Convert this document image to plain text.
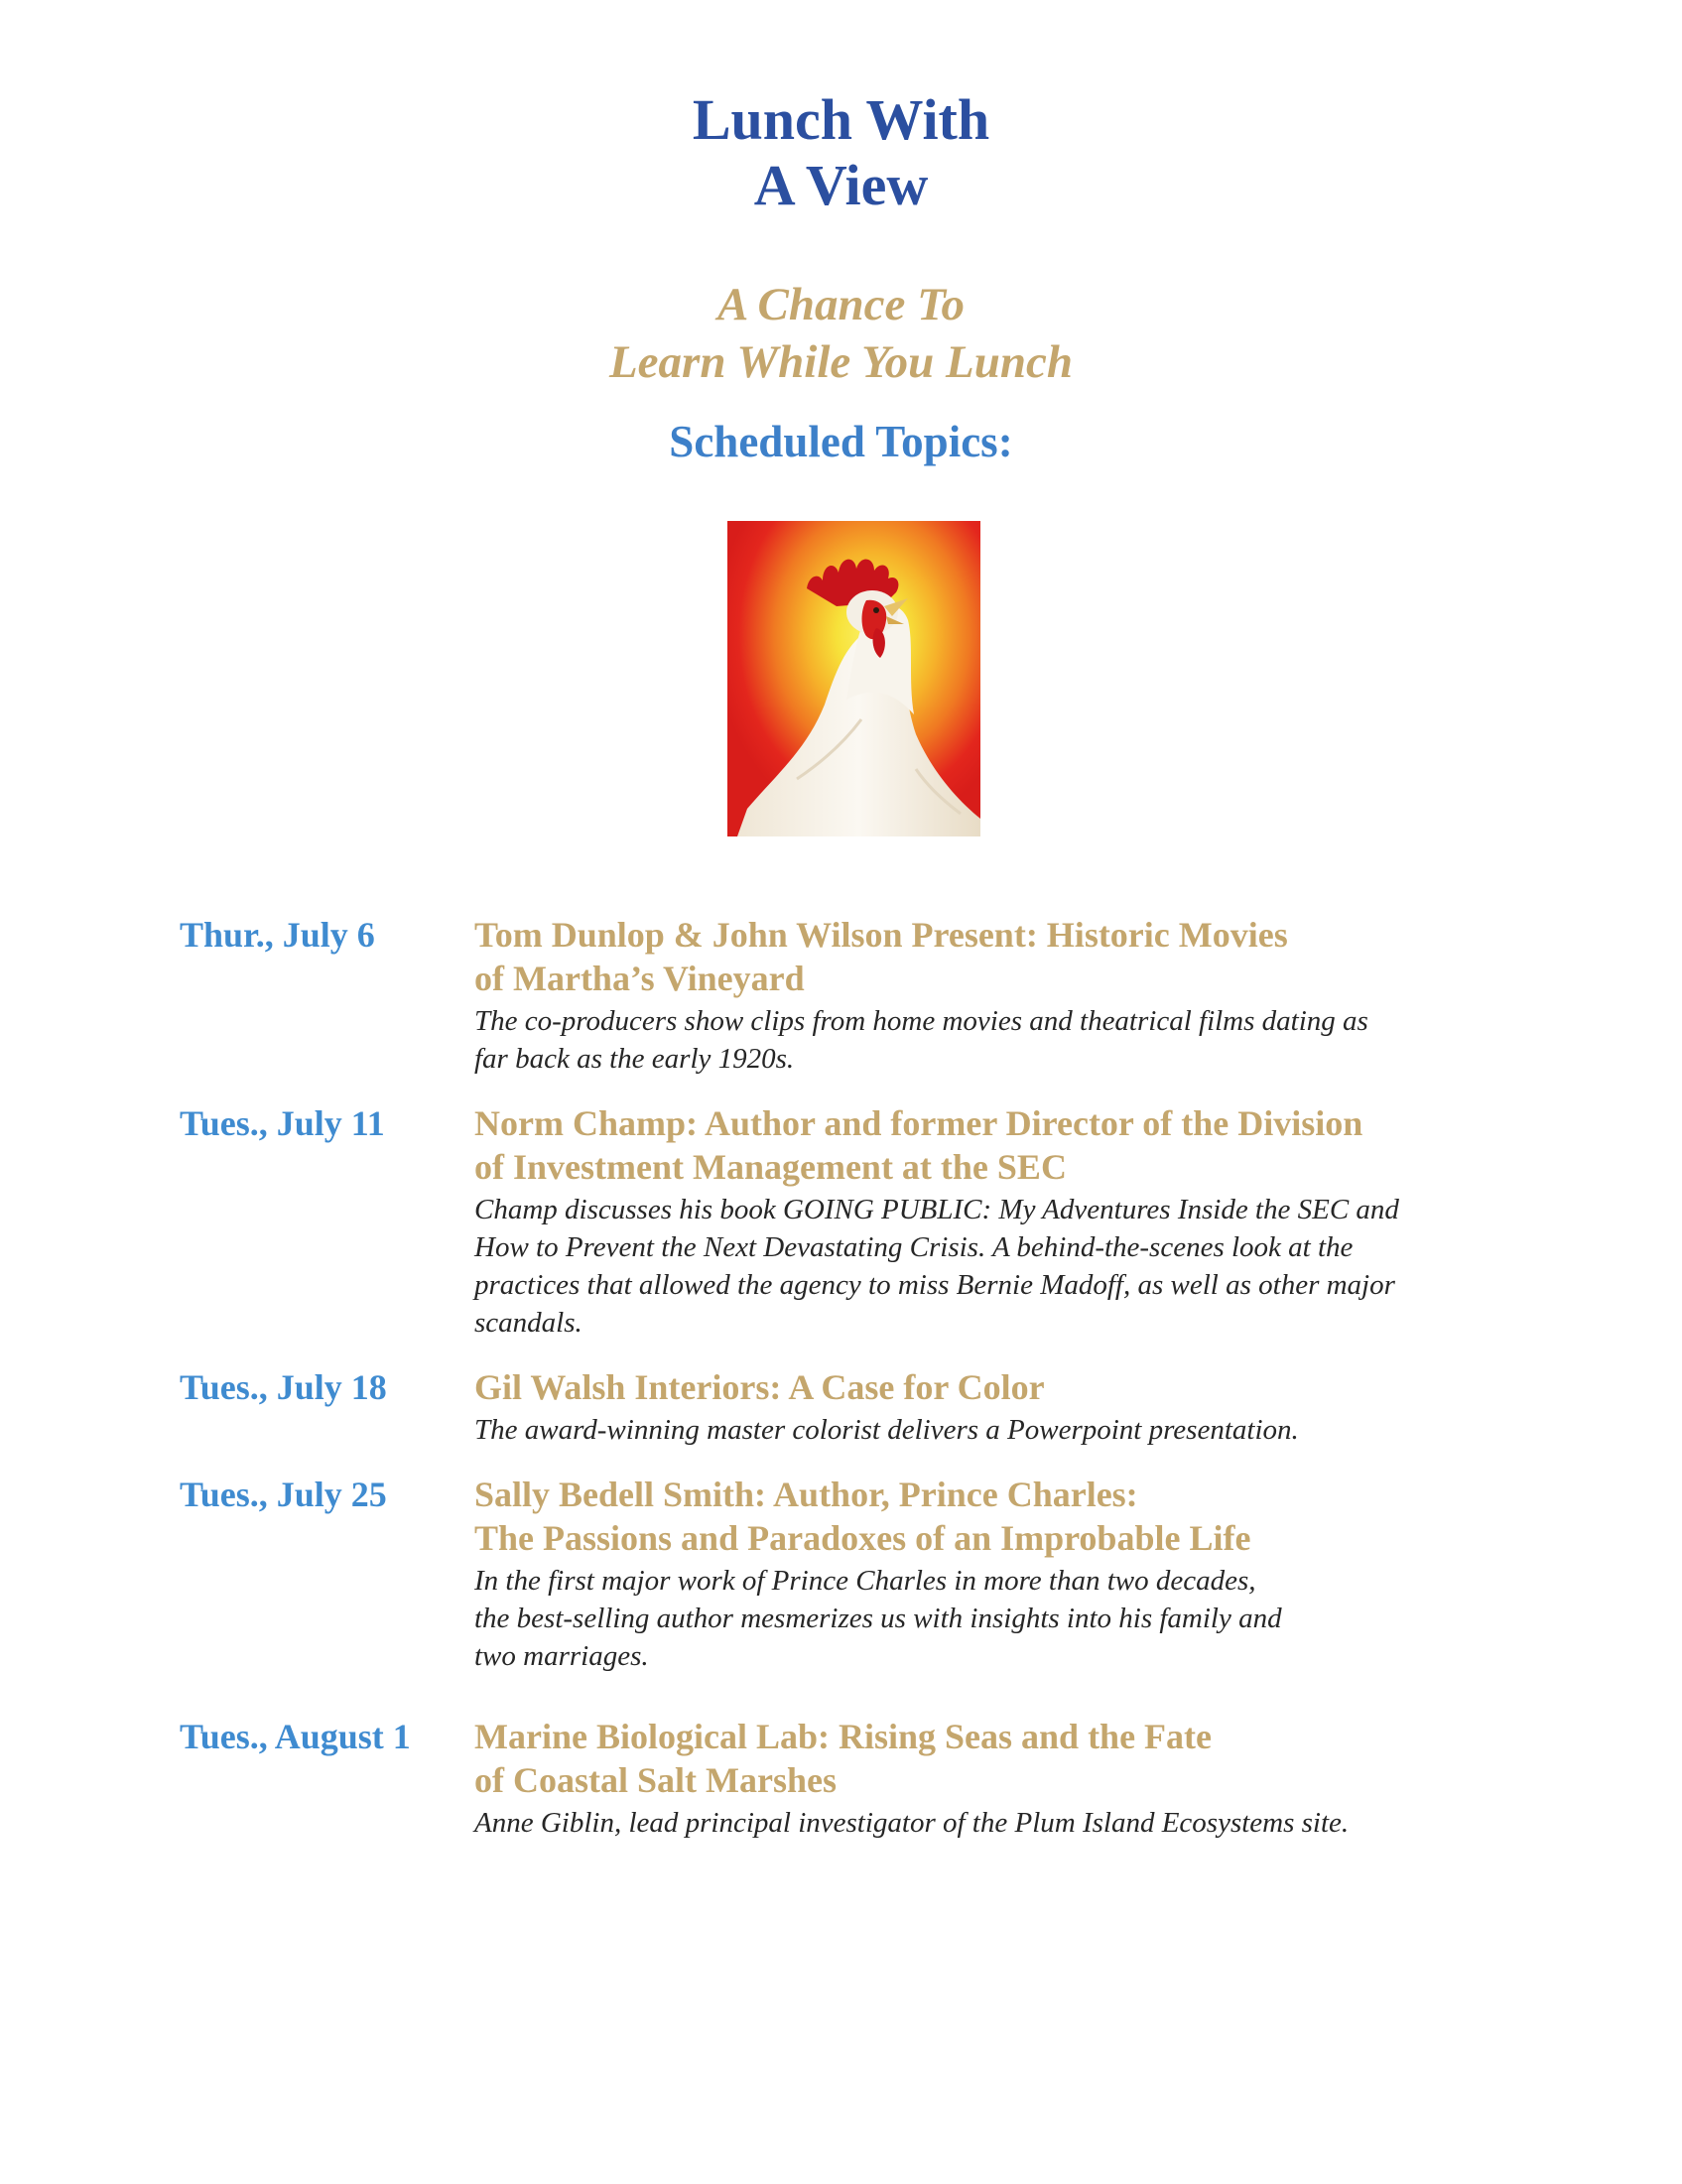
Lunch With
A View
A Chance To
Learn While You Lunch
Scheduled Topics:
Thur., July 6	Tom Dunlop & John Wilson Present: Historic Movies
of Martha’s Vineyard
The co-producers show clips from home movies and theatrical films dating as
far back as the early 1920s.
Tues., July 11	Norm Champ: Author and former Director of the Division
of Investment Management at the SEC
Champ discusses his book GOING PUBLIC: My Adventures Inside the SEC and
How to Prevent the Next Devastating Crisis. A behind-the-scenes look at the
practices that allowed the agency to miss Bernie Madoff, as well as other major
scandals.
Tues., July 18	Gil Walsh Interiors: A Case for Color
The award-winning master colorist delivers a Powerpoint presentation.
Tues., July 25	Sally Bedell Smith: Author, Prince Charles:
The Passions and Paradoxes of an Improbable Life
In the first major work of Prince Charles in more than two decades,
the best-selling author mesmerizes us with insights into his family and
two marriages.
Tues., August 1	Marine Biological Lab: Rising Seas and the Fate
of Coastal Salt Marshes
Anne Giblin, lead principal investigator of the Plum Island Ecosystems site.
